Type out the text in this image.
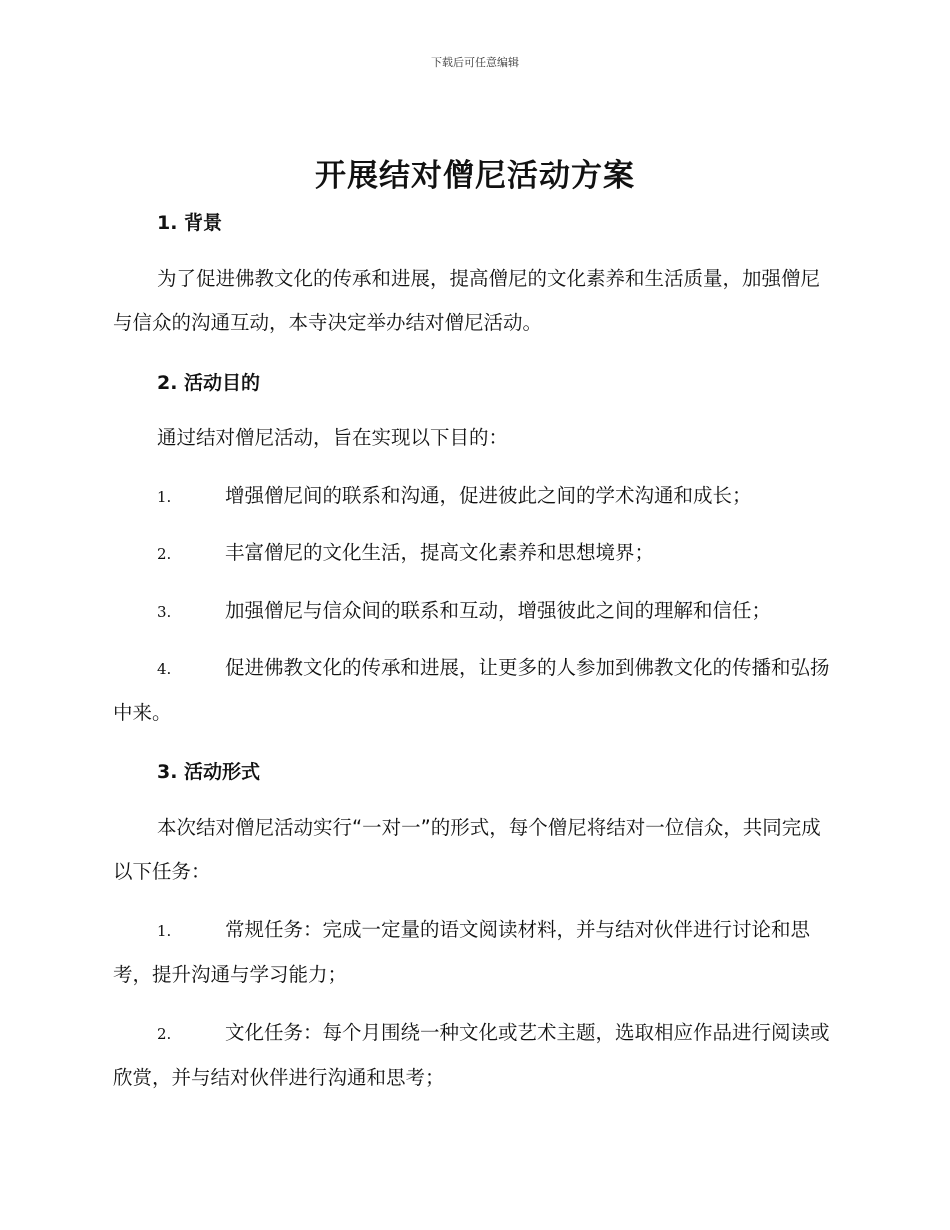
下载后可任意编辑
开展结对僧尼活动方案
1. 背景

为了促进佛教文化的传承和进展，提高僧尼的文化素养和生活质量，加强僧尼与信众的沟通互动，本寺决定举办结对僧尼活动。

2. 活动目的

通过结对僧尼活动，旨在实现以下目的：

1.	增强僧尼间的联系和沟通，促进彼此之间的学术沟通和成长；

2.	丰富僧尼的文化生活，提高文化素养和思想境界；

3.	加强僧尼与信众间的联系和互动，增强彼此之间的理解和信任；

4.	促进佛教文化的传承和进展，让更多的人参加到佛教文化的传播和弘扬中来。

3. 活动形式

本次结对僧尼活动实行“一对一”的形式，每个僧尼将结对一位信众，共同完成以下任务：

1.	常规任务：完成一定量的语文阅读材料，并与结对伙伴进行讨论和思考，提升沟通与学习能力；

2.	文化任务：每个月围绕一种文化或艺术主题，选取相应作品进行阅读或欣赏，并与结对伙伴进行沟通和思考；
